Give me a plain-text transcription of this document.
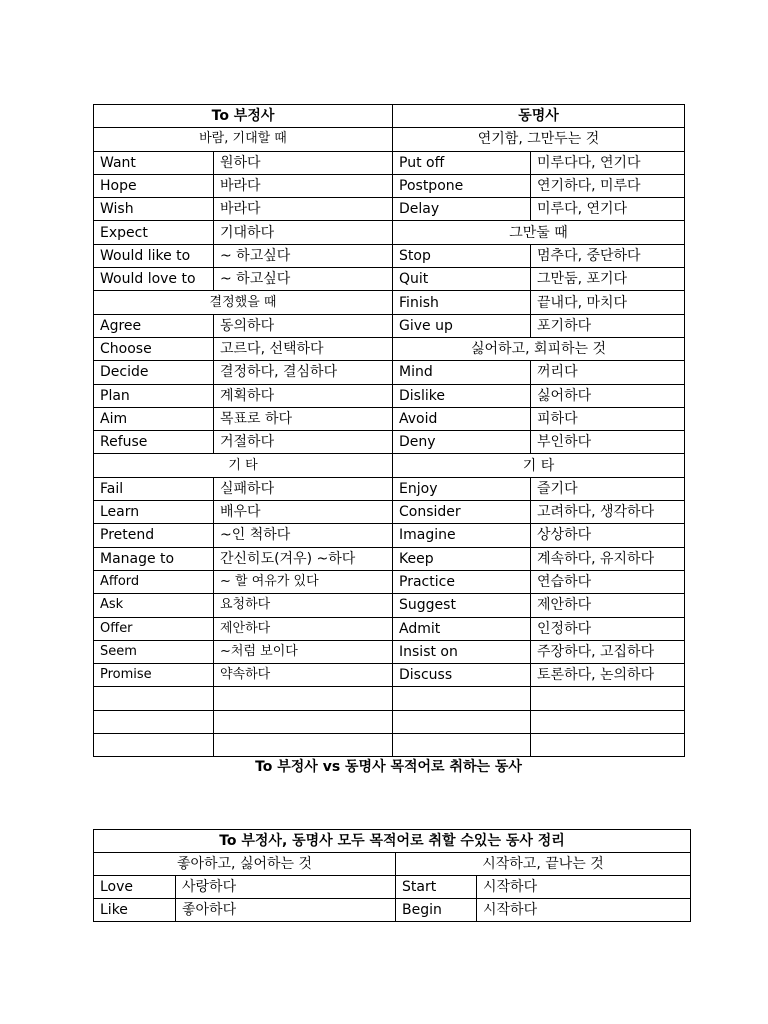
To 부정사		동명사	
바람, 기대할 때		연기함, 그만두는 것	
Want	원하다	Put off	미루다다, 연기다
Hope	바라다	Postpone	연기하다, 미루다
Wish	바라다	Delay	미루다, 연기다
Expect	기대하다	그만둘 때	
Would like to	~ 하고싶다	Stop	멈추다, 중단하다
Would love to	~ 하고싶다	Quit	그만둠, 포기다
결정했을 때		Finish	끝내다, 마치다
Agree	동의하다	Give up	포기하다
Choose	고르다, 선택하다	싫어하고, 회피하는 것	
Decide	결정하다, 결심하다	Mind	꺼리다
Plan	계획하다	Dislike	싫어하다
Aim	목표로 하다	Avoid	피하다
Refuse	거절하다	Deny	부인하다
기 타		기 타	
Fail	실패하다	Enjoy	즐기다
Learn	배우다	Consider	고려하다, 생각하다
Pretend	~인 척하다	Imagine	상상하다
Manage to	간신히도(겨우) ~하다	Keep	계속하다, 유지하다
Afford	~ 할 여유가 있다	Practice	연습하다
Ask	요청하다	Suggest	제안하다
Offer	제안하다	Admit	인정하다
Seem	~처럼 보이다	Insist on	주장하다, 고집하다
Promise	약속하다	Discuss	토론하다, 논의하다

To 부정사 vs 동명사 목적어로 취하는 동사
To 부정사, 동명사 모두 목적어로 취할 수있는 동사 정리			
좋아하고, 싫어하는 것		시작하고, 끝나는 것	
Love	사랑하다	Start	시작하다
Like	좋아하다	Begin	시작하다
